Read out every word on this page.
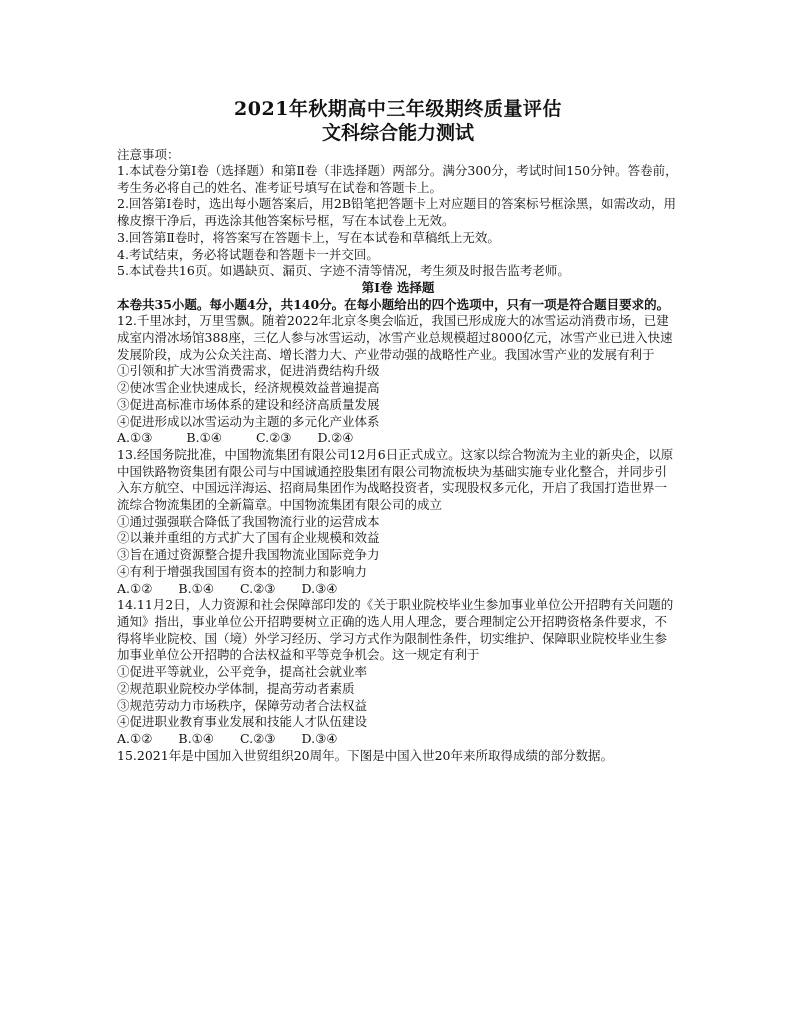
2021年秋期高中三年级期终质量评估
文科综合能力测试
注意事项：

1.本试卷分第Ⅰ卷（选择题）和第Ⅱ卷（非选择题）两部分。满分300分，考试时间150分钟。答卷前，考生务必将自己的姓名、准考证号填写在试卷和答题卡上。

2.回答第Ⅰ卷时，选出每小题答案后，用2B铅笔把答题卡上对应题目的答案标号框涂黑，如需改动，用橡皮擦干净后，再选涂其他答案标号框，写在本试卷上无效。

3.回答第Ⅱ卷时，将答案写在答题卡上，写在本试卷和草稿纸上无效。

4.考试结束，务必将试题卷和答题卡一并交回。

5.本试卷共16页。如遇缺页、漏页、字迹不清等情况，考生须及时报告监考老师。

第Ⅰ卷 选择题

本卷共35小题。每小题4分，共140分。在每小题给出的四个选项中，只有一项是符合题目要求的。

12.千里冰封，万里雪飘。随着2022年北京冬奥会临近，我国已形成庞大的冰雪运动消费市场，已建成室内滑冰场馆388座，三亿人参与冰雪运动，冰雪产业总规模超过8000亿元，冰雪产业已进入快速发展阶段，成为公众关注高、增长潜力大、产业带动强的战略性产业。我国冰雪产业的发展有利于

①引领和扩大冰雪消费需求，促进消费结构升级

②使冰雪企业快速成长，经济规模效益普遍提高

③促进高标准市场体系的建设和经济高质量发展

④促进形成以冰雪运动为主题的多元化产业体系

A.①③	B.①④	C.②③ D.②④

13.经国务院批准，中国物流集团有限公司12月6日正式成立。这家以综合物流为主业的新央企，以原中国铁路物资集团有限公司与中国诚通控股集团有限公司物流板块为基础实施专业化整合，并同步引入东方航空、中国远洋海运、招商局集团作为战略投资者，实现股权多元化，开启了我国打造世界一流综合物流集团的全新篇章。中国物流集团有限公司的成立

①通过强强联合降低了我国物流行业的运营成本

②以兼并重组的方式扩大了国有企业规模和效益

③旨在通过资源整合提升我国物流业国际竞争力

④有利于增强我国国有资本的控制力和影响力

A.①② B.①④ C.②③ D.③④

14.11月2日，人力资源和社会保障部印发的《关于职业院校毕业生参加事业单位公开招聘有关问题的通知》指出，事业单位公开招聘要树立正确的选人用人理念，要合理制定公开招聘资格条件要求，不得将毕业院校、国（境）外学习经历、学习方式作为限制性条件，切实维护、保障职业院校毕业生参加事业单位公开招聘的合法权益和平等竞争机会。这一规定有利于

①促进平等就业，公平竞争，提高社会就业率

②规范职业院校办学体制，提高劳动者素质

③规范劳动力市场秩序，保障劳动者合法权益

④促进职业教育事业发展和技能人才队伍建设

A.①② B.①④ C.②③ D.③④

15.2021年是中国加入世贸组织20周年。下图是中国入世20年来所取得成绩的部分数据。
